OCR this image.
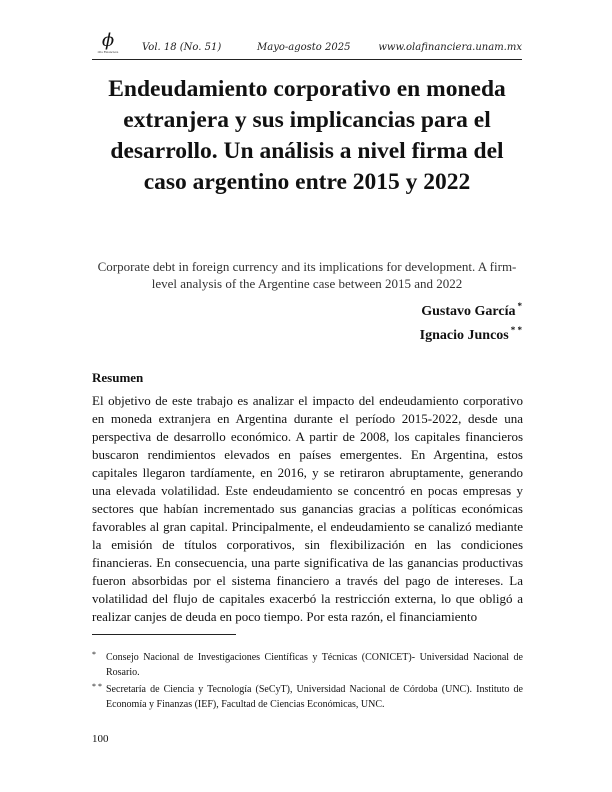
ϕ
Ola Financiera	Vol. 18 (No. 51)	Mayo-agosto 2025	www.olafinanciera.unam.mx
Endeudamiento corporativo en moneda extranjera y sus implicancias para el desarrollo. Un análisis a nivel firma del caso argentino entre 2015 y 2022

Corporate debt in foreign currency and its implications for development. A firm-level analysis of the Argentine case between 2015 and 2022

Gustavo García *
Ignacio Juncos * *
Resumen

El objetivo de este trabajo es analizar el impacto del endeudamiento corporativo en moneda extranjera en Argentina durante el período 2015-2022, desde una perspectiva de desarrollo económico. A partir de 2008, los capitales financieros buscaron rendimientos elevados en países emergentes. En Argentina, estos capitales llegaron tardíamente, en 2016, y se retiraron abruptamente, generando una elevada volatilidad. Este endeudamiento se concentró en pocas empresas y sectores que habían incrementado sus ganancias gracias a políticas económicas favorables al gran capital. Principalmente, el endeudamiento se canalizó mediante la emisión de títulos corporativos, sin flexibilización en las condiciones financieras. En consecuencia, una parte significativa de las ganancias productivas fueron absorbidas por el sistema financiero a través del pago de intereses. La volatilidad del flujo de capitales exacerbó la restricción externa, lo que obligó a realizar canjes de deuda en poco tiempo. Por esta razón, el financiamiento

* Consejo Nacional de Investigaciones Científicas y Técnicas (CONICET)- Universidad Nacional de Rosario.
* * Secretaría de Ciencia y Tecnología (SeCyT), Universidad Nacional de Córdoba (UNC). Instituto de Economía y Finanzas (IEF), Facultad de Ciencias Económicas, UNC.
100
